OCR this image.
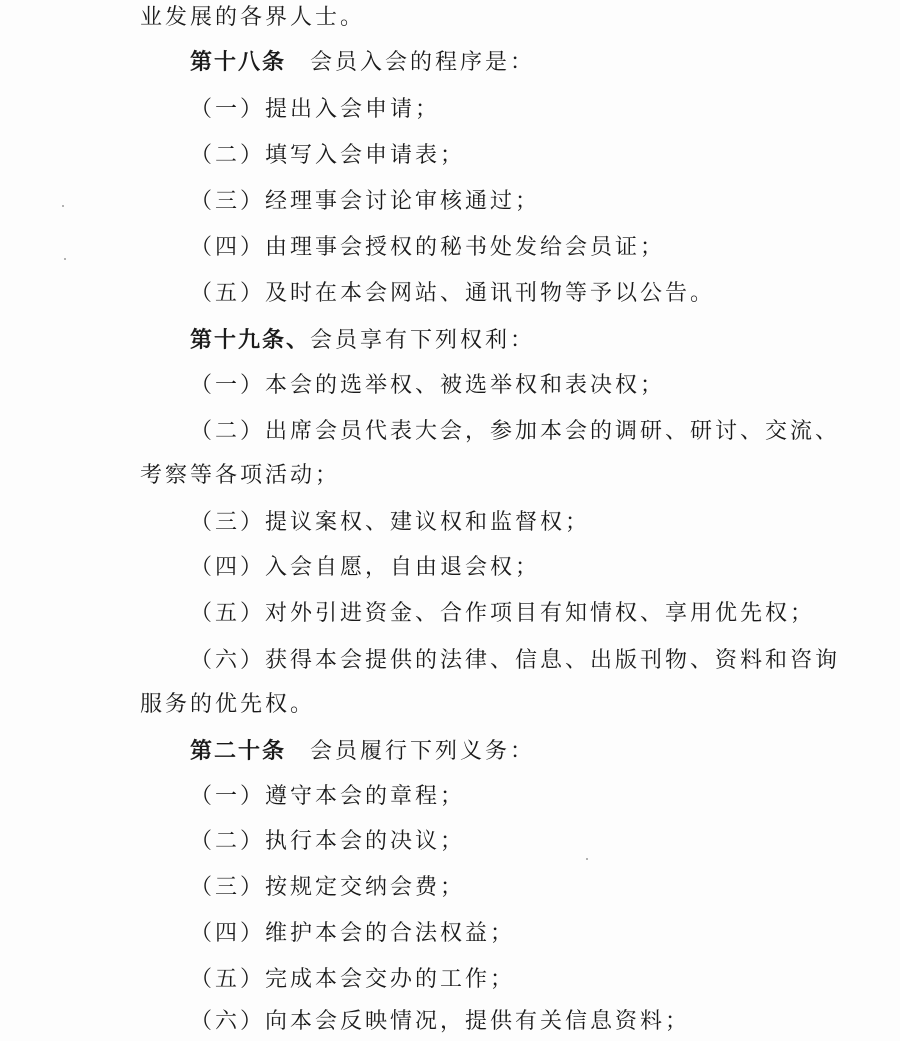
业发展的各界人士。
第十八条 会员入会的程序是：
（一）提出入会申请；
（二）填写入会申请表；
（三）经理事会讨论审核通过；
（四）由理事会授权的秘书处发给会员证；
（五）及时在本会网站、通讯刊物等予以公告。
第十九条、会员享有下列权利：
（一）本会的选举权、被选举权和表决权；
（二）出席会员代表大会，参加本会的调研、研讨、交流、
考察等各项活动；
（三）提议案权、建议权和监督权；
（四）入会自愿，自由退会权；
（五）对外引进资金、合作项目有知情权、享用优先权；
（六）获得本会提供的法律、信息、出版刊物、资料和咨询
服务的优先权。
第二十条 会员履行下列义务：
（一）遵守本会的章程；
（二）执行本会的决议；
（三）按规定交纳会费；
（四）维护本会的合法权益；
（五）完成本会交办的工作；
（六）向本会反映情况，提供有关信息资料；
